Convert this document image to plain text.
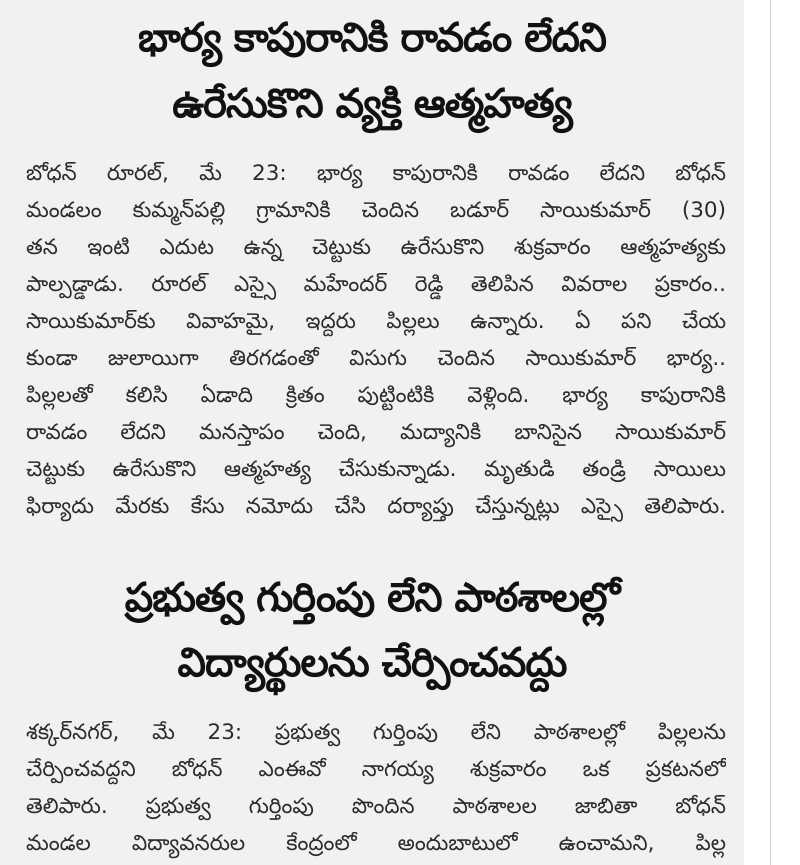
భార్య కాపురానికి రావడం లేదని
ఉరేసుకొని వ్యక్తి ఆత్మహత్య
బోధన్ రూరల్, మే 23: భార్య కాపురానికి రావడం లేదని బోధన్
మండలం కుమ్మన్‌పల్లి గ్రామానికి చెందిన బడూర్ సాయికుమార్ (30)
తన ఇంటి ఎదుట ఉన్న చెట్టుకు ఉరేసుకొని శుక్రవారం ఆత్మహత్యకు
పాల్పడ్డాడు. రూరల్ ఎస్సై మహేందర్ రెడ్డి తెలిపిన వివరాల ప్రకారం..
సాయికుమార్‌కు వివాహమై, ఇద్దరు పిల్లలు ఉన్నారు. ఏ పని చేయ
కుండా జులాయిగా తిరగడంతో విసుగు చెందిన సాయికుమార్ భార్య..
పిల్లలతో కలిసి ఏడాది క్రితం పుట్టింటికి వెళ్లింది. భార్య కాపురానికి
రావడం లేదని మనస్తాపం చెంది, మద్యానికి బానిసైన సాయికుమార్
చెట్టుకు ఉరేసుకొని ఆత్మహత్య చేసుకున్నాడు. మృతుడి తండ్రి సాయిలు
ఫిర్యాదు మేరకు కేసు నమోదు చేసి దర్యాప్తు చేస్తున్నట్లు ఎస్సై తెలిపారు.
ప్రభుత్వ గుర్తింపు లేని పాఠశాలల్లో
విద్యార్థులను చేర్పించవద్దు
శక్కర్‌నగర్, మే 23: ప్రభుత్వ గుర్తింపు లేని పాఠశాలల్లో పిల్లలను
చేర్పించవద్దని బోధన్ ఎంఈవో నాగయ్య శుక్రవారం ఒక ప్రకటనలో
తెలిపారు. ప్రభుత్వ గుర్తింపు పొందిన పాఠశాలల జాబితా బోధన్
మండల విద్యావనరుల కేంద్రంలో అందుబాటులో ఉంచామని, పిల్ల
